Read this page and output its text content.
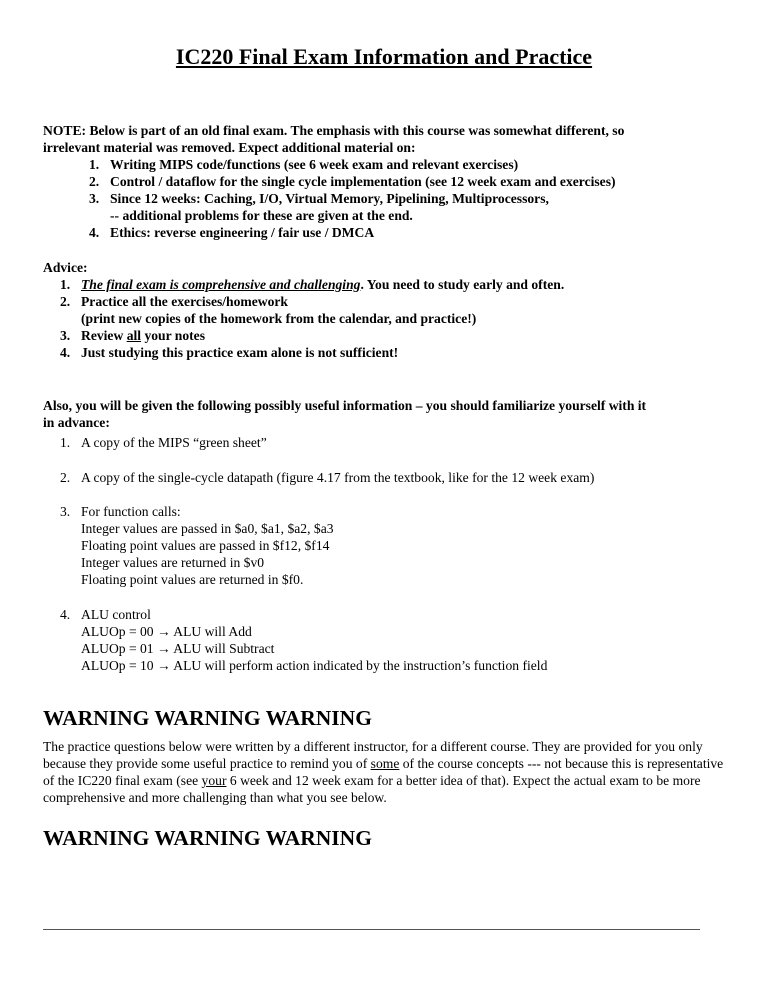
IC220 Final Exam Information and Practice
NOTE: Below is part of an old final exam. The emphasis with this course was somewhat different, so
irrelevant material was removed. Expect additional material on:
1. Writing MIPS code/functions (see 6 week exam and relevant exercises)
2. Control / dataflow for the single cycle implementation (see 12 week exam and exercises)
3. Since 12 weeks: Caching, I/O, Virtual Memory, Pipelining, Multiprocessors,
-- additional problems for these are given at the end.
4. Ethics: reverse engineering / fair use / DMCA
Advice:
1. The final exam is comprehensive and challenging. You need to study early and often.
2. Practice all the exercises/homework
(print new copies of the homework from the calendar, and practice!)
3. Review all your notes
4. Just studying this practice exam alone is not sufficient!
Also, you will be given the following possibly useful information – you should familiarize yourself with it
in advance:
1. A copy of the MIPS “green sheet”
2. A copy of the single-cycle datapath (figure 4.17 from the textbook, like for the 12 week exam)
3. For function calls:
Integer values are passed in $a0, $a1, $a2, $a3
Floating point values are passed in $f12, $f14
Integer values are returned in $v0
Floating point values are returned in $f0.
4. ALU control
ALUOp = 00 → ALU will Add
ALUOp = 01 → ALU will Subtract
ALUOp = 10 → ALU will perform action indicated by the instruction’s function field
WARNING WARNING WARNING
The practice questions below were written by a different instructor, for a different course. They are provided for you only because they provide some useful practice to remind you of some of the course concepts --- not because this is representative of the IC220 final exam (see your 6 week and 12 week exam for a better idea of that). Expect the actual exam to be more comprehensive and more challenging than what you see below.
WARNING WARNING WARNING
